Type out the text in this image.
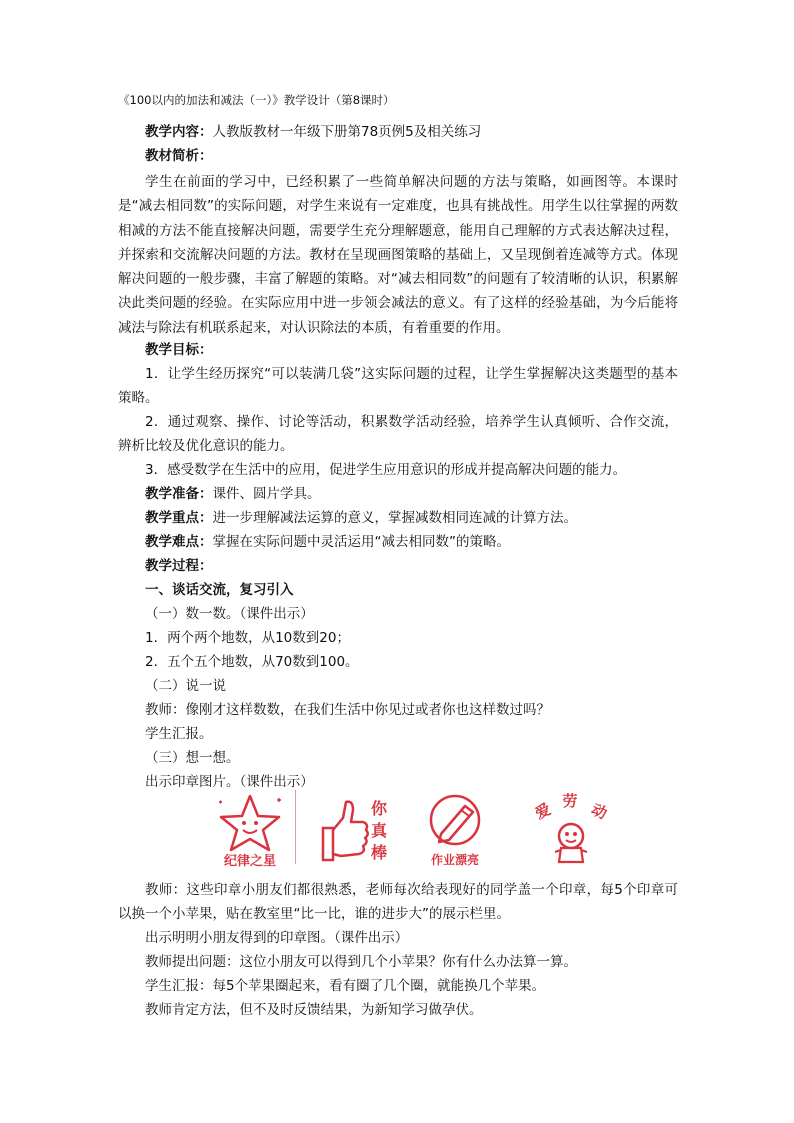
《100以内的加法和减法（一）》教学设计（第8课时）
教学内容：人教版教材一年级下册第78页例5及相关练习
教材简析：

学生在前面的学习中，已经积累了一些简单解决问题的方法与策略，如画图等。本课时是“减去相同数”的实际问题，对学生来说有一定难度，也具有挑战性。用学生以往掌握的两数相减的方法不能直接解决问题，需要学生充分理解题意，能用自己理解的方式表达解决过程，并探索和交流解决问题的方法。教材在呈现画图策略的基础上，又呈现倒着连减等方式。体现解决问题的一般步骤，丰富了解题的策略。对“减去相同数”的问题有了较清晰的认识，积累解决此类问题的经验。在实际应用中进一步领会减法的意义。有了这样的经验基础，为今后能将减法与除法有机联系起来，对认识除法的本质，有着重要的作用。

教学目标：

1．让学生经历探究“可以装满几袋”这实际问题的过程，让学生掌握解决这类题型的基本策略。

2．通过观察、操作、讨论等活动，积累数学活动经验，培养学生认真倾听、合作交流，辨析比较及优化意识的能力。

3．感受数学在生活中的应用，促进学生应用意识的形成并提高解决问题的能力。

教学准备：课件、圆片学具。
教学重点：进一步理解减法运算的意义，掌握减数相同连减的计算方法。
教学难点：掌握在实际问题中灵活运用“减去相同数”的策略。
教学过程：
一、谈话交流，复习引入
（一）数一数。（课件出示）
1．两个两个地数，从10数到20；
2．五个五个地数，从70数到100。
（二）说一说
教师：像刚才这样数数，在我们生活中你见过或者你也这样数过吗？
学生汇报。
（三）想一想。
出示印章图片。（课件出示）
纪律之星
你
真
棒	作业漂亮
爱 劳 动

教师：这些印章小朋友们都很熟悉，老师每次给表现好的同学盖一个印章，每5个印章可以换一个小苹果，贴在教室里“比一比，谁的进步大”的展示栏里。

出示明明小朋友得到的印章图。（课件出示）
教师提出问题：这位小朋友可以得到几个小苹果？你有什么办法算一算。
学生汇报：每5个苹果圈起来，看有圈了几个圈，就能换几个苹果。
教师肯定方法，但不及时反馈结果，为新知学习做孕伏。
